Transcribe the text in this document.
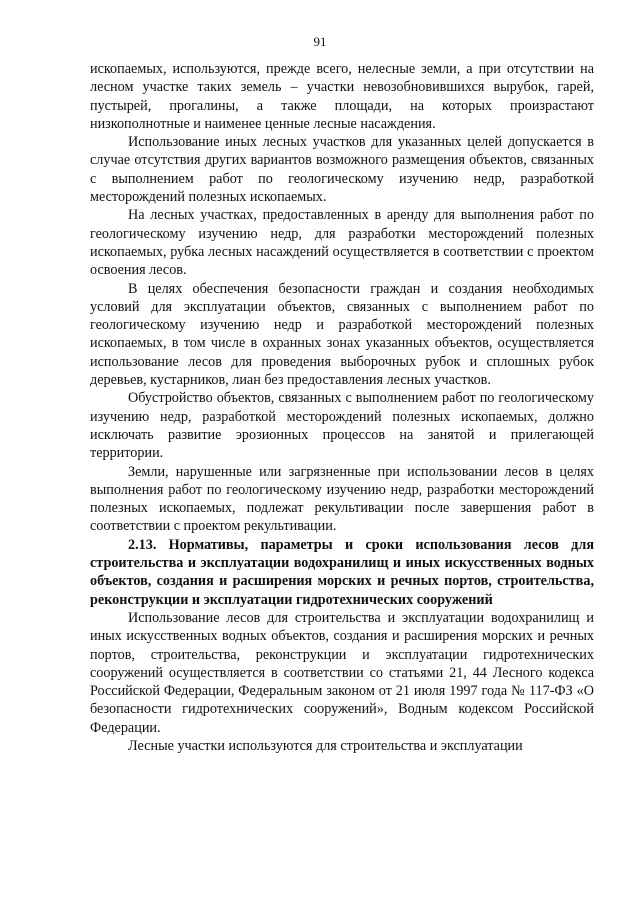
91

ископаемых, используются, прежде всего, нелесные земли, а при отсутствии на лесном участке таких земель – участки невозобновившихся вырубок, гарей, пустырей, прогалины, а также площади, на которых произрастают низкополнотные и наименее ценные лесные насаждения.

Использование иных лесных участков для указанных целей допускается в случае отсутствия других вариантов возможного размещения объектов, связанных с выполнением работ по геологическому изучению недр, разработкой месторождений полезных ископаемых.

На лесных участках, предоставленных в аренду для выполнения работ по геологическому изучению недр, для разработки месторождений полезных ископаемых, рубка лесных насаждений осуществляется в соответствии с проектом освоения лесов.

В целях обеспечения безопасности граждан и создания необходимых условий для эксплуатации объектов, связанных с выполнением работ по геологическому изучению недр и разработкой месторождений полезных ископаемых, в том числе в охранных зонах указанных объектов, осуществляется использование лесов для проведения выборочных рубок и сплошных рубок деревьев, кустарников, лиан без предоставления лесных участков.

Обустройство объектов, связанных с выполнением работ по геологическому изучению недр, разработкой месторождений полезных ископаемых, должно исключать развитие эрозионных процессов на занятой и прилегающей территории.

Земли, нарушенные или загрязненные при использовании лесов в целях выполнения работ по геологическому изучению недр, разработки месторождений полезных ископаемых, подлежат рекультивации после завершения работ в соответствии с проектом рекультивации.

2.13. Нормативы, параметры и сроки использования лесов для строительства и эксплуатации водохранилищ и иных искусственных водных объектов, создания и расширения морских и речных портов, строительства, реконструкции и эксплуатации гидротехнических сооружений

Использование лесов для строительства и эксплуатации водохранилищ и иных искусственных водных объектов, создания и расширения морских и речных портов, строительства, реконструкции и эксплуатации гидротехнических сооружений осуществляется в соответствии со статьями 21, 44 Лесного кодекса Российской Федерации, Федеральным законом от 21 июля 1997 года № 117-ФЗ «О безопасности гидротехнических сооружений», Водным кодексом Российской Федерации.

Лесные участки используются для строительства и эксплуатации
